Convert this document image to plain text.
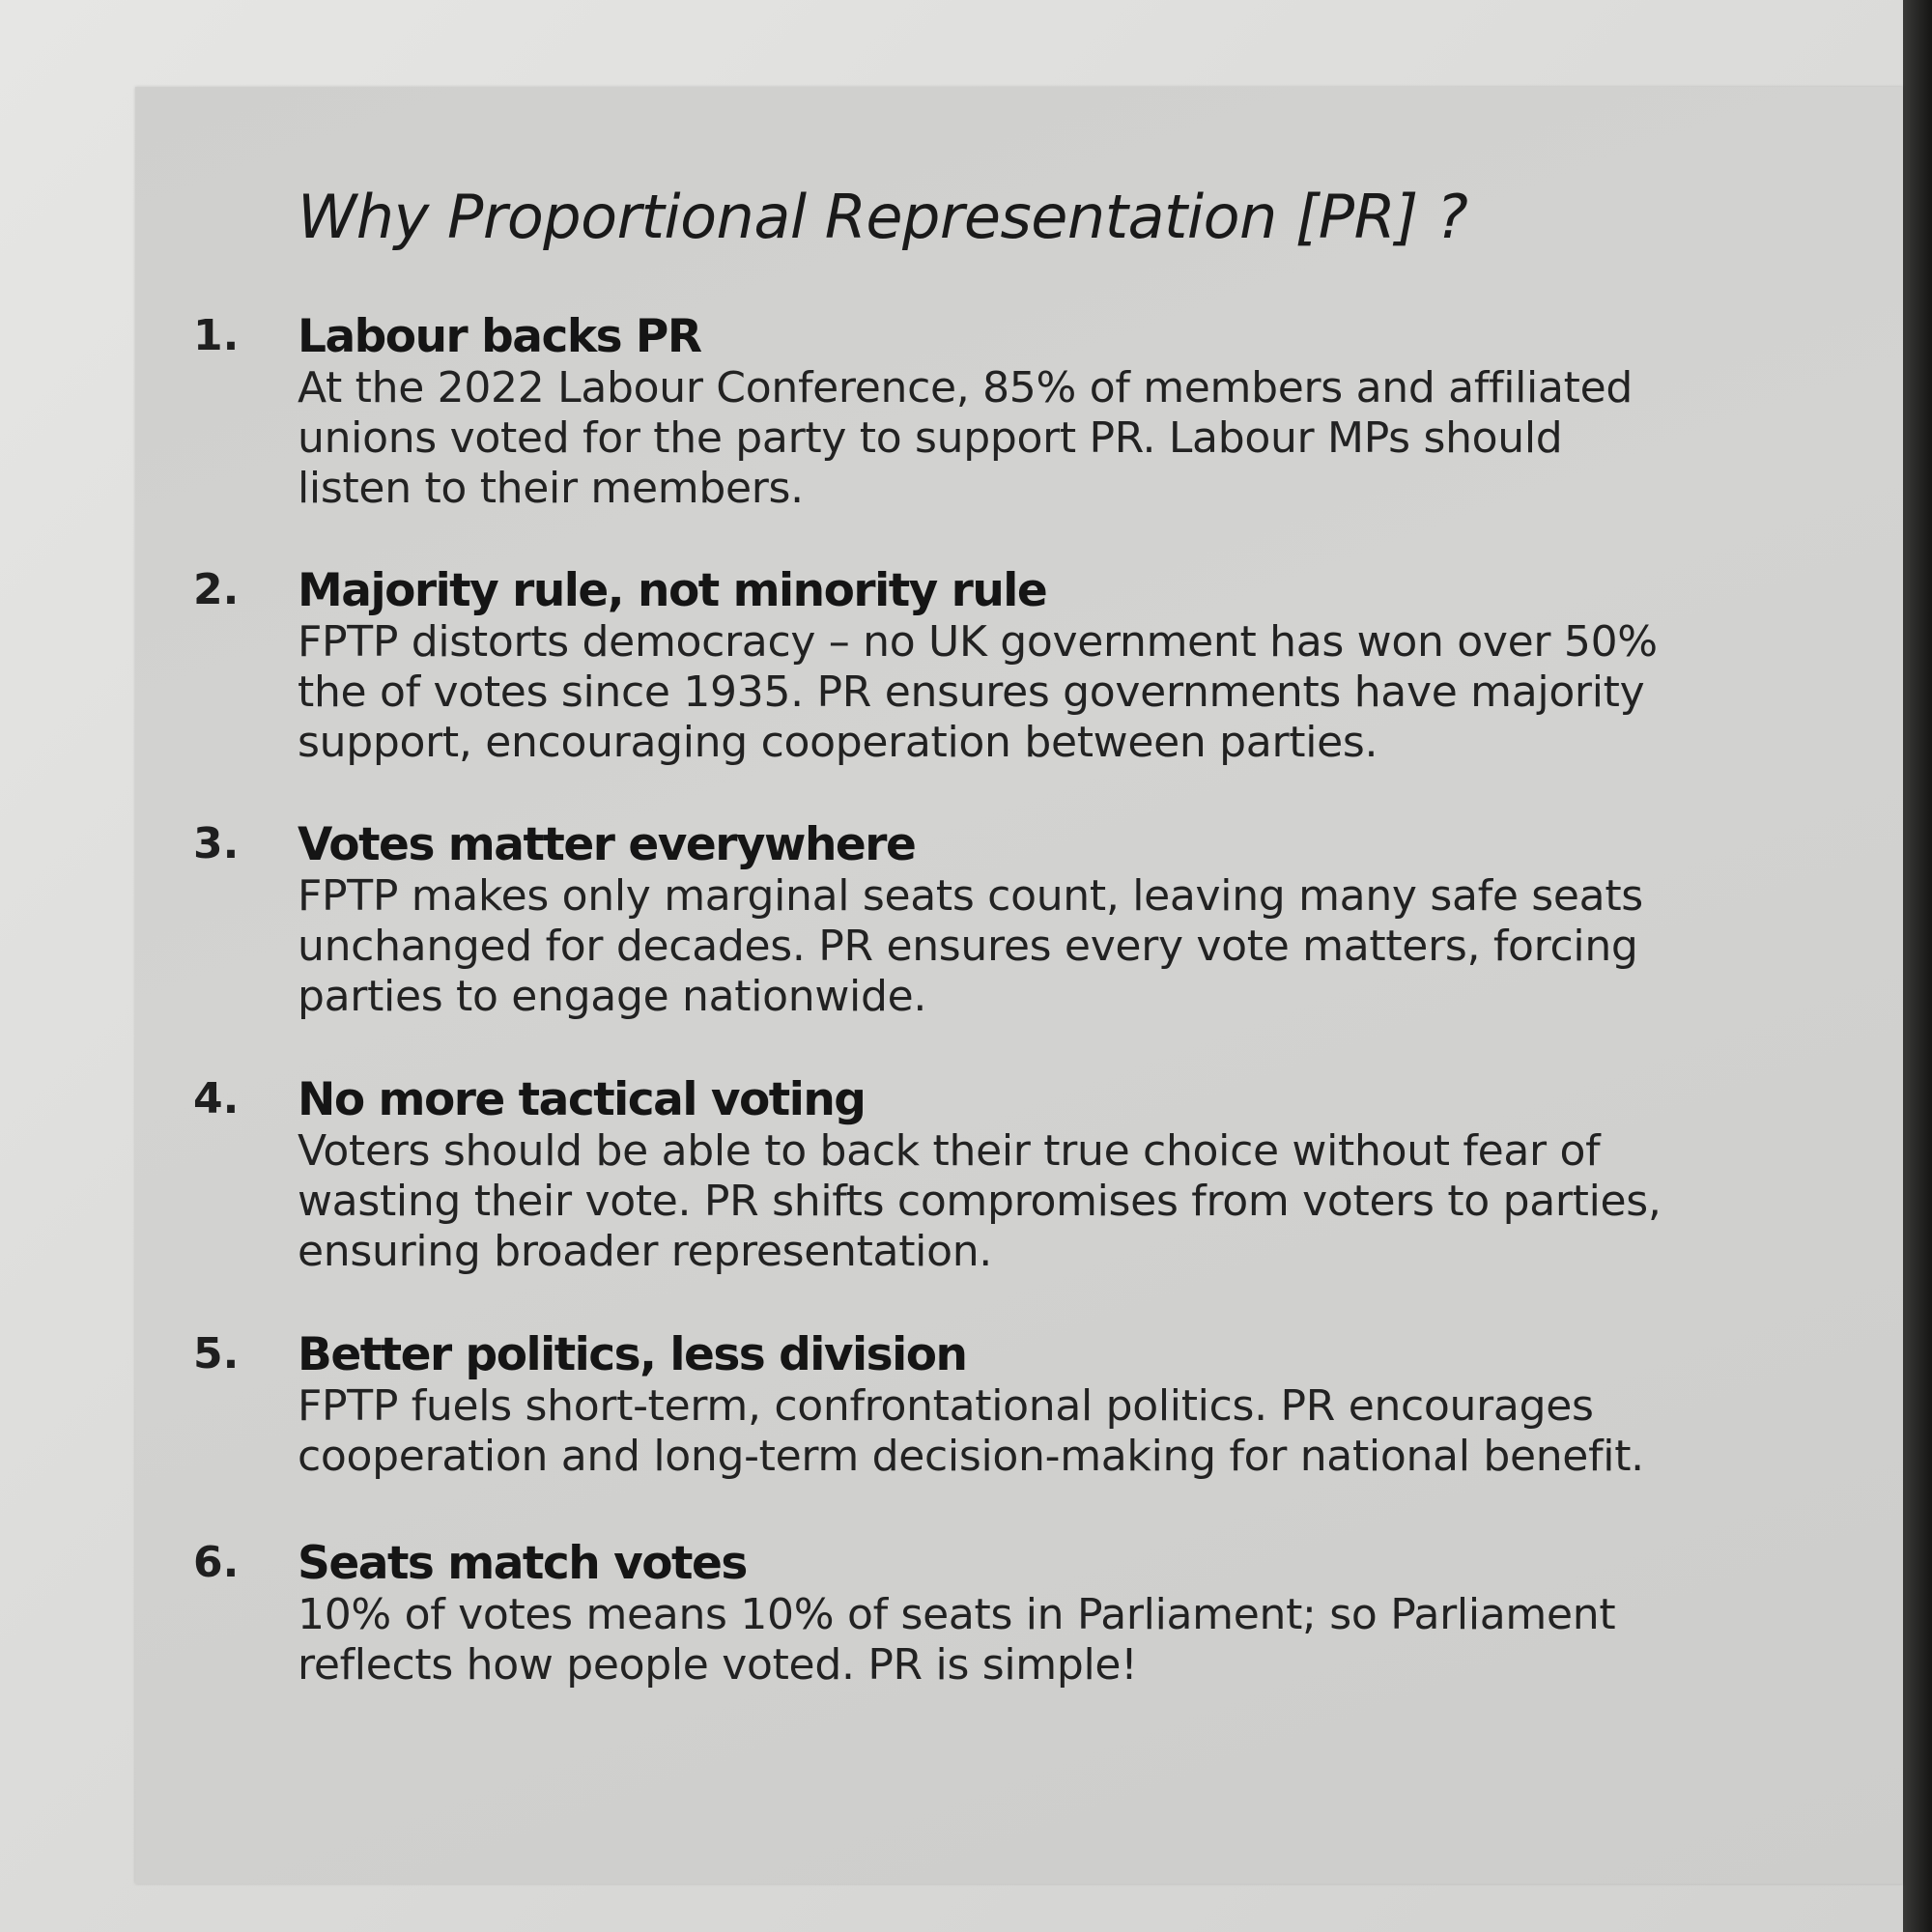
Why Proportional Representation [PR] ?
1.	Labour backs PR
At the 2022 Labour Conference, 85% of members and affiliated
unions voted for the party to support PR. Labour MPs should
listen to their members.
2.	Majority rule, not minority rule
FPTP distorts democracy – no UK government has won over 50%
the of votes since 1935. PR ensures governments have majority
support, encouraging cooperation between parties.
3.	Votes matter everywhere
FPTP makes only marginal seats count, leaving many safe seats
unchanged for decades. PR ensures every vote matters, forcing
parties to engage nationwide.
4.	No more tactical voting
Voters should be able to back their true choice without fear of
wasting their vote. PR shifts compromises from voters to parties,
ensuring broader representation.
5.	Better politics, less division
FPTP fuels short-term, confrontational politics. PR encourages
cooperation and long-term decision-making for national benefit.
6.	Seats match votes
10% of votes means 10% of seats in Parliament; so Parliament
reflects how people voted. PR is simple!
